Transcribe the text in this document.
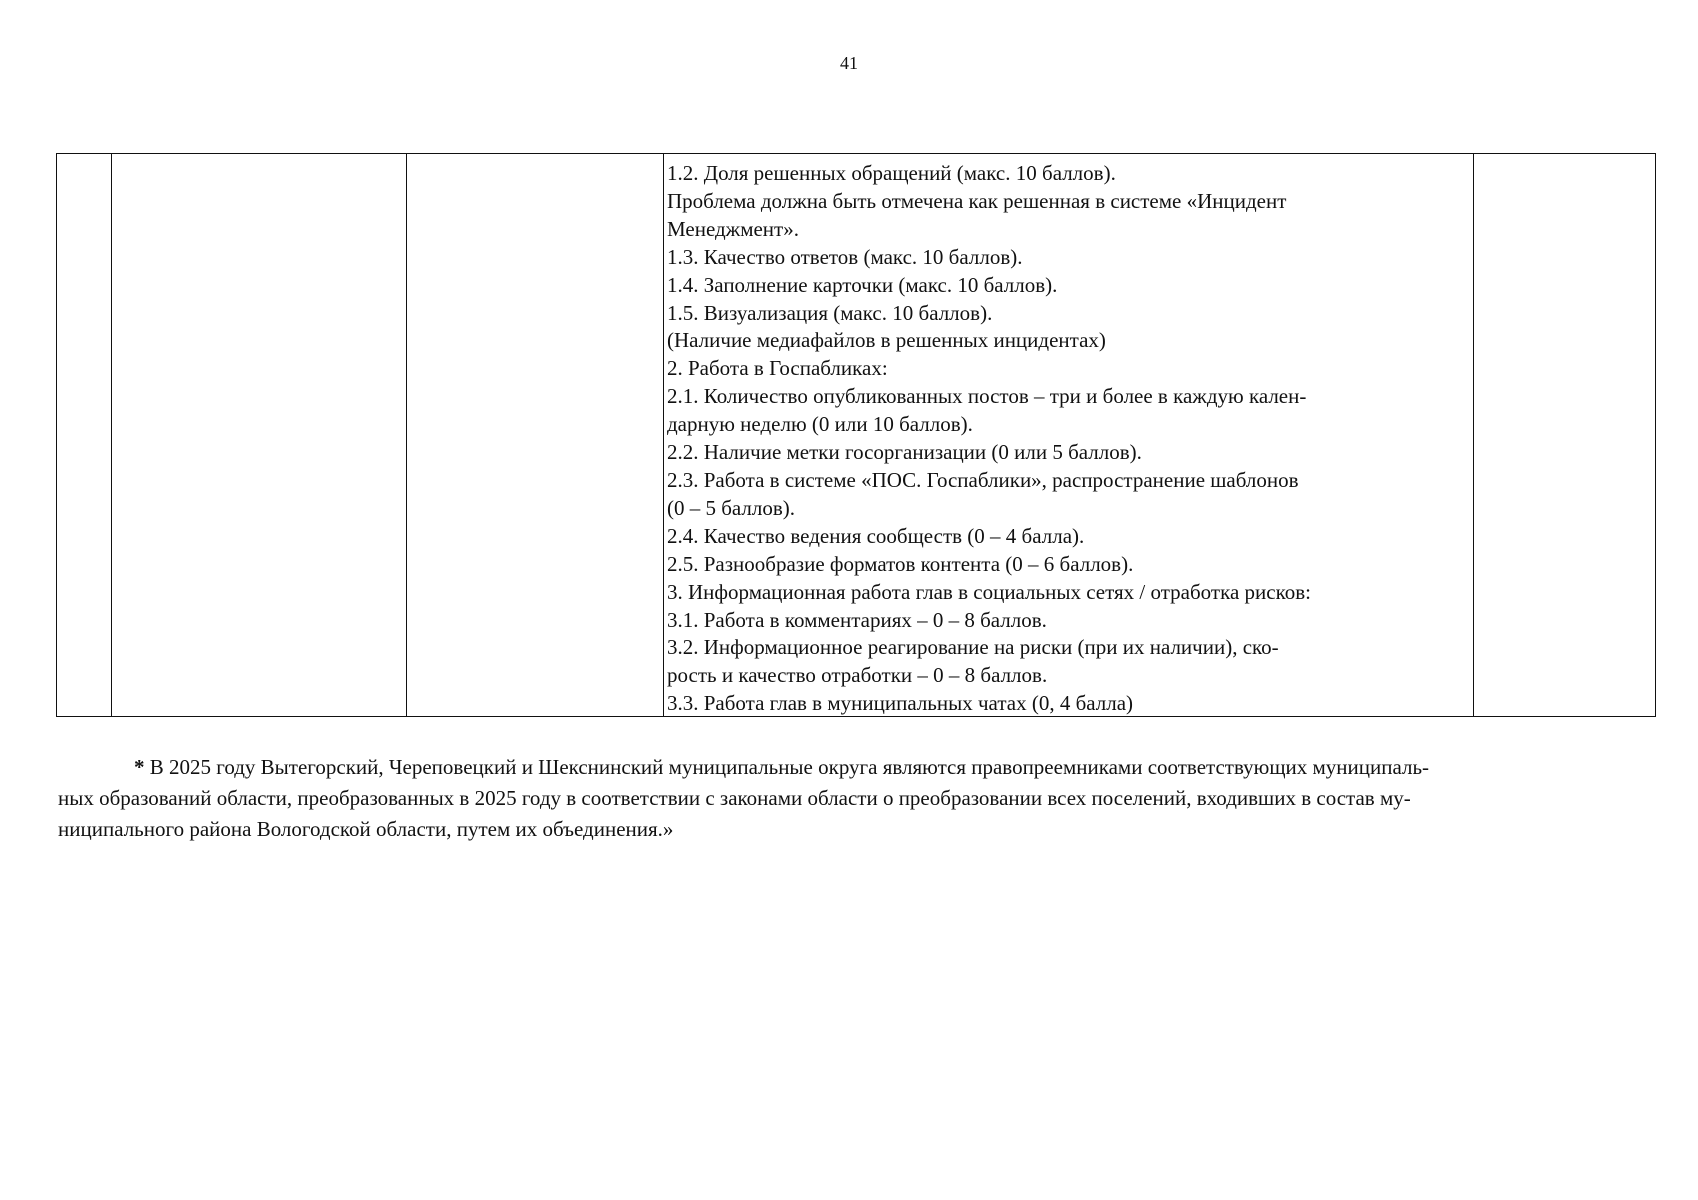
41
1.2. Доля решенных обращений (макс. 10 баллов).
Проблема должна быть отмечена как решенная в системе «Инцидент
Менеджмент».
1.3. Качество ответов (макс. 10 баллов).
1.4. Заполнение карточки (макс. 10 баллов).
1.5. Визуализация (макс. 10 баллов).
(Наличие медиафайлов в решенных инцидентах)
2. Работа в Госпабликах:
2.1. Количество опубликованных постов – три и более в каждую кален-
дарную неделю (0 или 10 баллов).
2.2. Наличие метки госорганизации (0 или 5 баллов).
2.3. Работа в системе «ПОС. Госпаблики», распространение шаблонов
(0 – 5 баллов).
2.4. Качество ведения сообществ (0 – 4 балла).
2.5. Разнообразие форматов контента (0 – 6 баллов).
3. Информационная работа глав в социальных сетях / отработка рисков:
3.1. Работа в комментариях – 0 – 8 баллов.
3.2. Информационное реагирование на риски (при их наличии), ско-
рость и качество отработки – 0 – 8 баллов.
3.3. Работа глав в муниципальных чатах (0, 4 балла)
* В 2025 году Вытегорский, Череповецкий и Шекснинский муниципальные округа являются правопреемниками соответствующих муниципаль-
ных образований области, преобразованных в 2025 году в соответствии с законами области о преобразовании всех поселений, входивших в состав му-
ниципального района Вологодской области, путем их объединения.»
